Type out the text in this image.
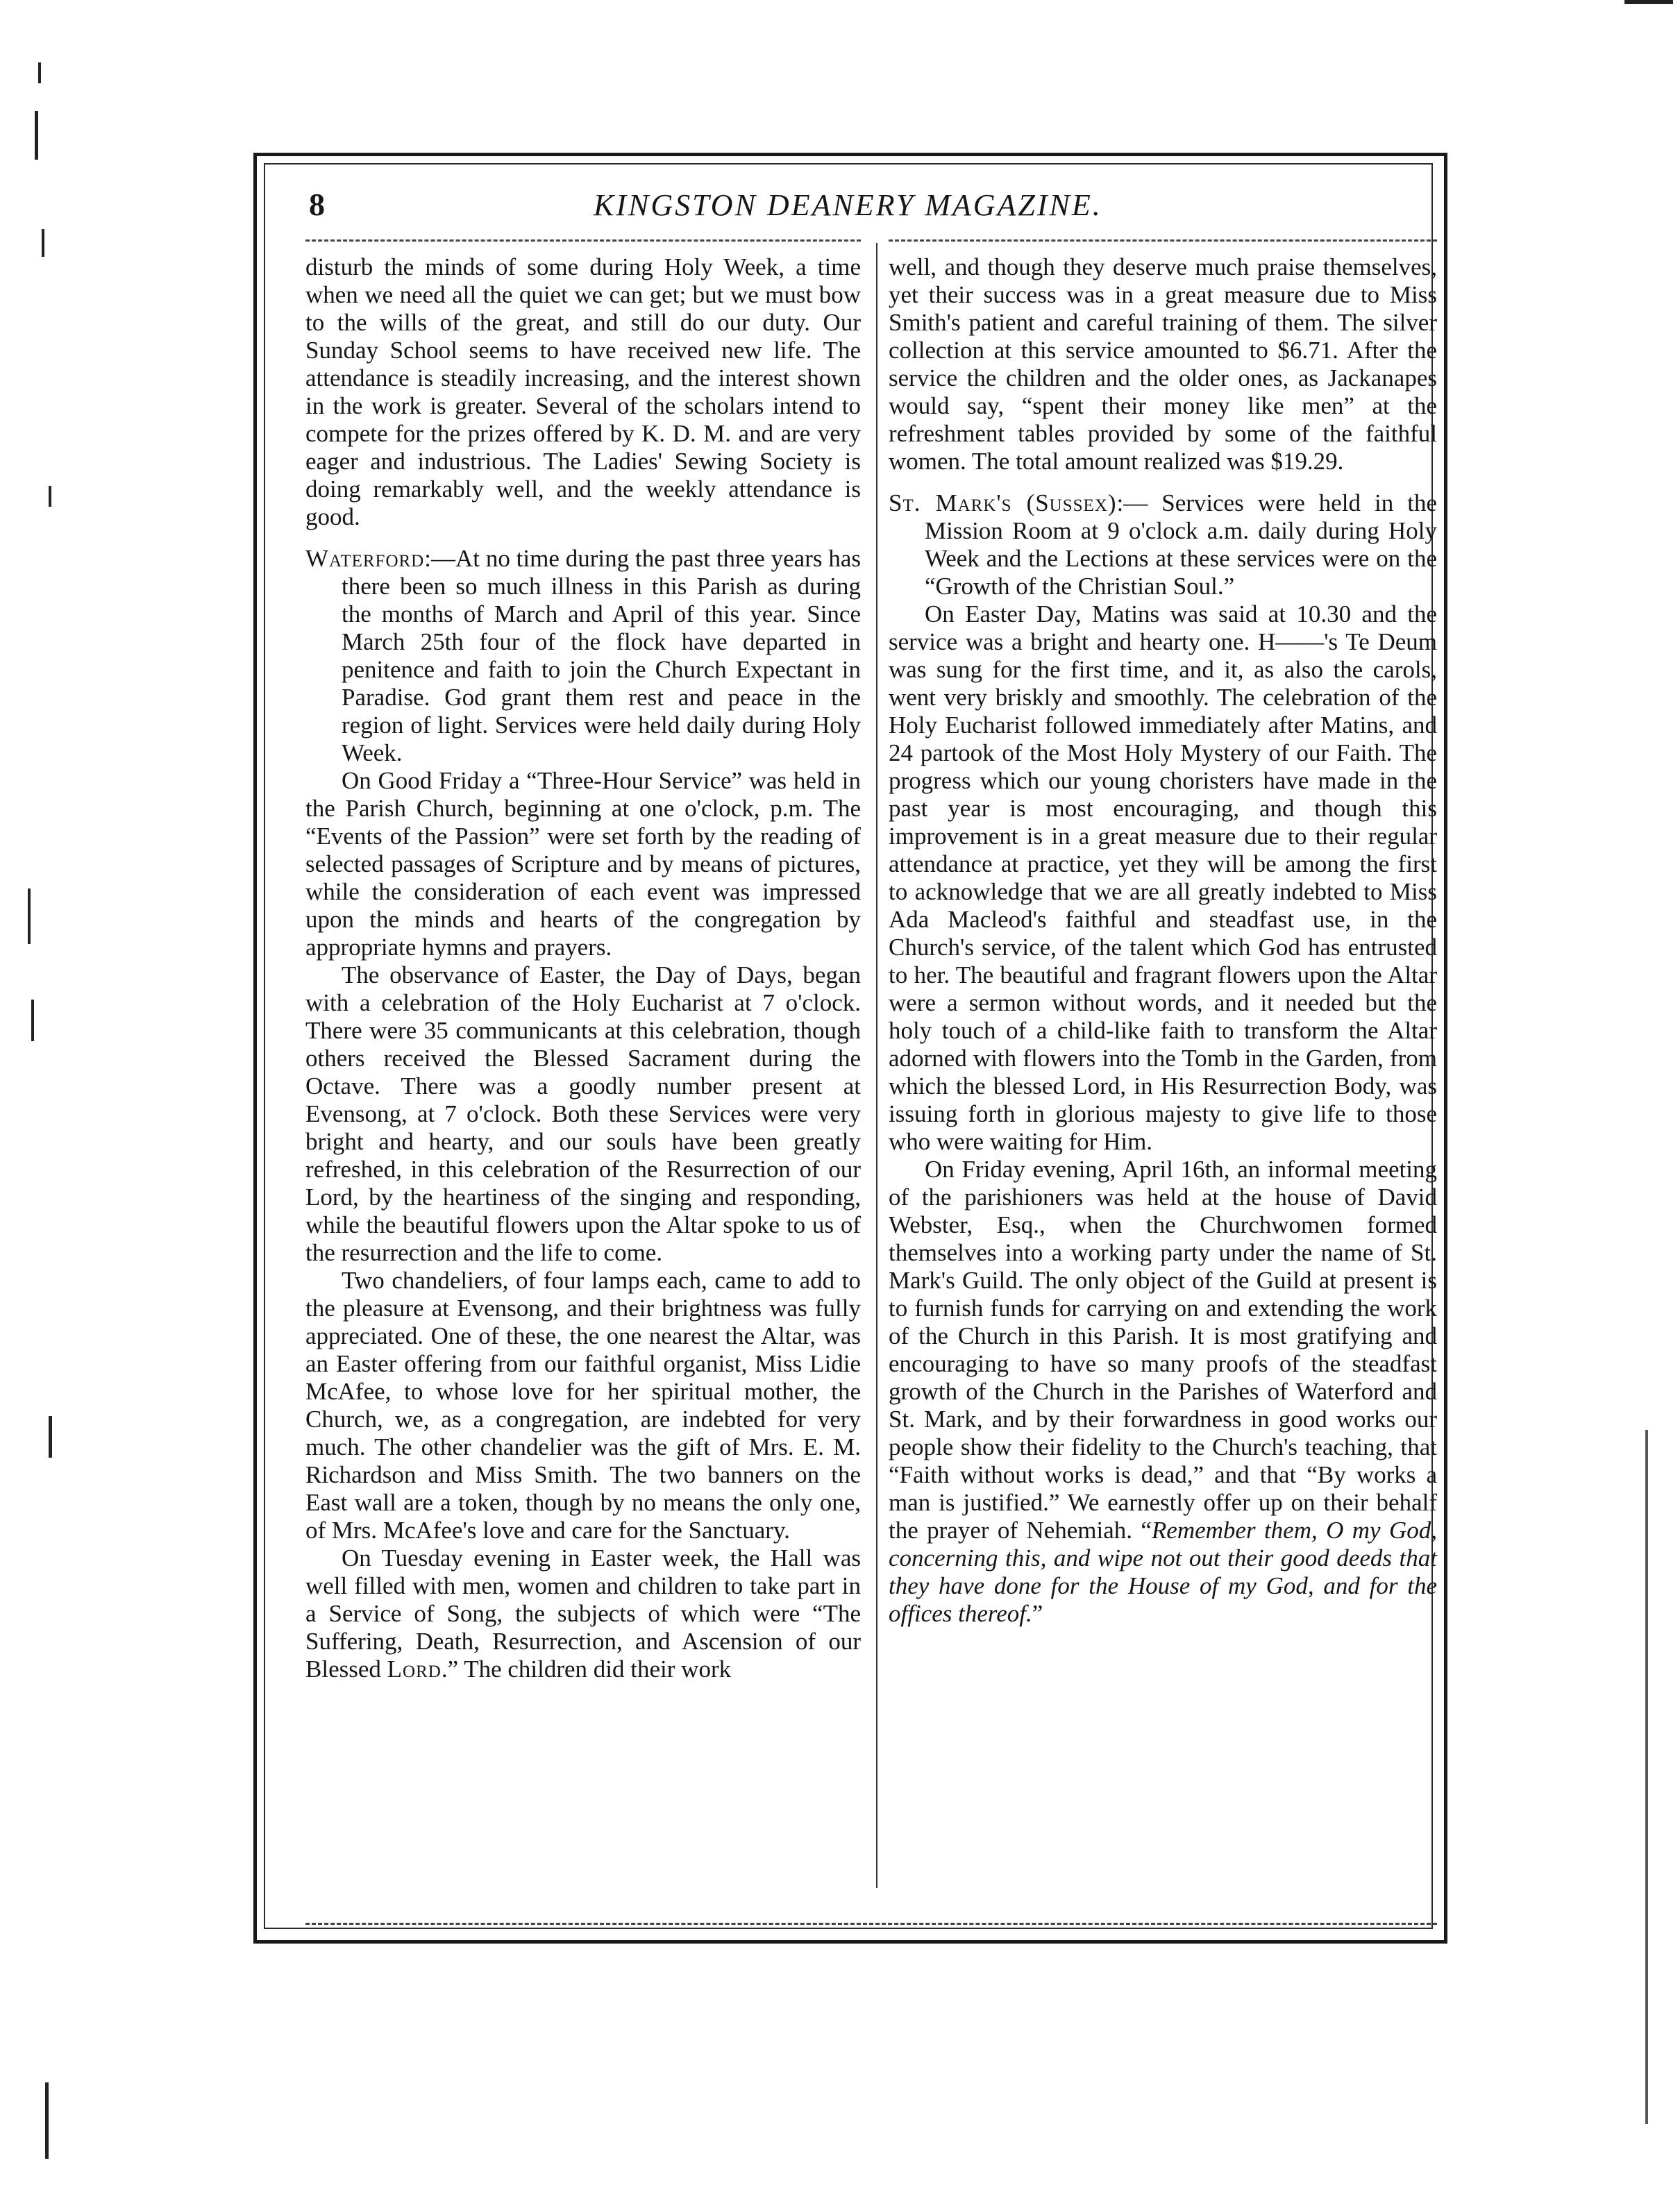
8	KINGSTON DEANERY MAGAZINE.

disturb the minds of some during Holy Week, a time when we need all the quiet we can get; but we must bow to the wills of the great, and still do our duty. Our Sunday School seems to have received new life. The attendance is steadily increasing, and the interest shown in the work is greater. Several of the scholars intend to compete for the prizes offered by K. D. M. and are very eager and industrious. The Ladies' Sewing Society is doing remarkably well, and the weekly attendance is good.

Waterford:—At no time during the past three years has there been so much illness in this Parish as during the months of March and April of this year. Since March 25th four of the flock have departed in penitence and faith to join the Church Expectant in Paradise. God grant them rest and peace in the region of light. Services were held daily during Holy Week.

On Good Friday a “Three-Hour Service” was held in the Parish Church, beginning at one o'clock, p.m. The “Events of the Passion” were set forth by the reading of selected passages of Scripture and by means of pictures, while the consideration of each event was impressed upon the minds and hearts of the congregation by appropriate hymns and prayers.

The observance of Easter, the Day of Days, began with a celebration of the Holy Eucharist at 7 o'clock. There were 35 communicants at this celebration, though others received the Blessed Sacrament during the Octave. There was a goodly number present at Evensong, at 7 o'clock. Both these Services were very bright and hearty, and our souls have been greatly refreshed, in this celebration of the Resurrection of our Lord, by the heartiness of the singing and responding, while the beautiful flowers upon the Altar spoke to us of the resurrection and the life to come.

Two chandeliers, of four lamps each, came to add to the pleasure at Evensong, and their brightness was fully appreciated. One of these, the one nearest the Altar, was an Easter offering from our faithful organist, Miss Lidie McAfee, to whose love for her spiritual mother, the Church, we, as a congregation, are indebted for very much. The other chandelier was the gift of Mrs. E. M. Richardson and Miss Smith. The two banners on the East wall are a token, though by no means the only one, of Mrs. McAfee's love and care for the Sanctuary.

On Tuesday evening in Easter week, the Hall was well filled with men, women and children to take part in a Service of Song, the subjects of which were “The Suffering, Death, Resurrection, and Ascension of our Blessed Lord.” The children did their work

well, and though they deserve much praise themselves, yet their success was in a great measure due to Miss Smith's patient and careful training of them. The silver collection at this service amounted to $6.71. After the service the children and the older ones, as Jackanapes would say, “spent their money like men” at the refreshment tables provided by some of the faithful women. The total amount realized was $19.29.

St. Mark's (Sussex):— Services were held in the Mission Room at 9 o'clock a.m. daily during Holy Week and the Lections at these services were on the “Growth of the Christian Soul.”

On Easter Day, Matins was said at 10.30 and the service was a bright and hearty one. H——'s Te Deum was sung for the first time, and it, as also the carols, went very briskly and smoothly. The celebration of the Holy Eucharist followed immediately after Matins, and 24 partook of the Most Holy Mystery of our Faith. The progress which our young choristers have made in the past year is most encouraging, and though this improvement is in a great measure due to their regular attendance at practice, yet they will be among the first to acknowledge that we are all greatly indebted to Miss Ada Macleod's faithful and steadfast use, in the Church's service, of the talent which God has entrusted to her. The beautiful and fragrant flowers upon the Altar were a sermon without words, and it needed but the holy touch of a child-like faith to transform the Altar adorned with flowers into the Tomb in the Garden, from which the blessed Lord, in His Resurrection Body, was issuing forth in glorious majesty to give life to those who were waiting for Him.

On Friday evening, April 16th, an informal meeting of the parishioners was held at the house of David Webster, Esq., when the Churchwomen formed themselves into a working party under the name of St. Mark's Guild. The only object of the Guild at present is to furnish funds for carrying on and extending the work of the Church in this Parish. It is most gratifying and encouraging to have so many proofs of the steadfast growth of the Church in the Parishes of Waterford and St. Mark, and by their forwardness in good works our people show their fidelity to the Church's teaching, that “Faith without works is dead,” and that “By works a man is justified.” We earnestly offer up on their behalf the prayer of Nehemiah. “Remember them, O my God, concerning this, and wipe not out their good deeds that they have done for the House of my God, and for the offices thereof.”
